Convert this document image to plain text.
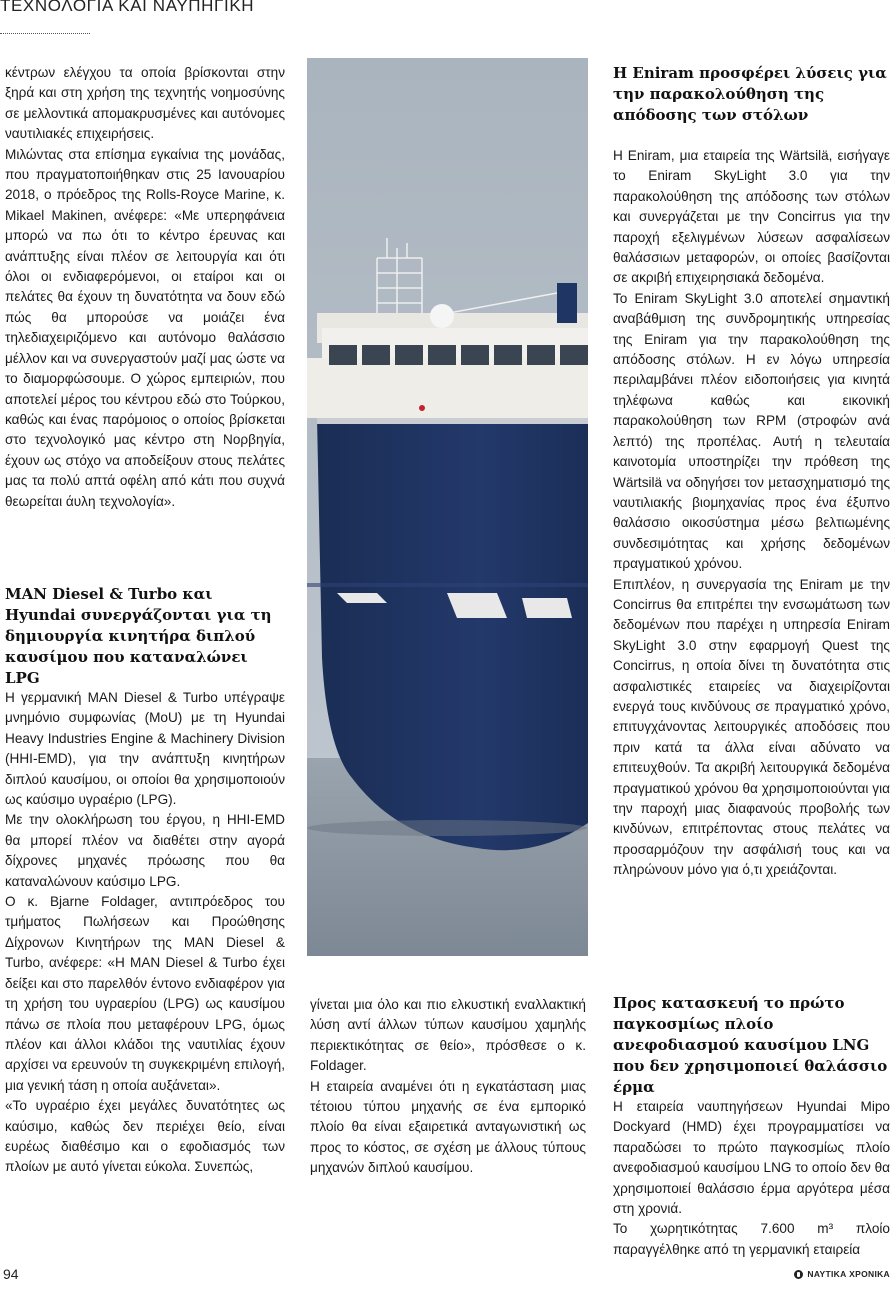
ΤΕΧΝΟΛΟΓΙΑ ΚΑΙ ΝΑΥΠΗΓΙΚΗ

κέντρων ελέγχου τα οποία βρίσκονται στην ξηρά και στη χρήση της τεχνητής νοημοσύνης σε μελλοντικά απομακρυσμένες και αυτόνομες ναυτιλιακές επιχειρήσεις.

Μιλώντας στα επίσημα εγκαίνια της μονάδας, που πραγματοποιήθηκαν στις 25 Ιανουαρίου 2018, ο πρόεδρος της Rolls-Royce Marine, κ. Mikael Makinen, ανέφερε: «Με υπερηφάνεια μπορώ να πω ότι το κέντρο έρευνας και ανάπτυξης είναι πλέον σε λειτουργία και ότι όλοι οι ενδιαφερόμενοι, οι εταίροι και οι πελάτες θα έχουν τη δυνατότητα να δουν εδώ πώς θα μπορούσε να μοιάζει ένα τηλεδιαχειριζόμενο και αυτόνομο θαλάσσιο μέλλον και να συνεργαστούν μαζί μας ώστε να το διαμορφώσουμε. Ο χώρος εμπειριών, που αποτελεί μέρος του κέντρου εδώ στο Τούρκου, καθώς και ένας παρόμοιος ο οποίος βρίσκεται στο τεχνολογικό μας κέντρο στη Νορβηγία, έχουν ως στόχο να αποδείξουν στους πελάτες μας τα πολύ απτά οφέλη από κάτι που συχνά θεωρείται άυλη τεχνολογία».

MAN Diesel & Turbo και Hyundai συνεργάζονται για τη δημιουργία κινητήρα διπλού καυσίμου που καταναλώνει LPG

Η γερμανική MAN Diesel & Turbo υπέγραψε μνημόνιο συμφωνίας (MoU) με τη Hyundai Heavy Industries Engine & Machinery Division (HHI-EMD), για την ανάπτυξη κινητήρων διπλού καυσίμου, οι οποίοι θα χρησιμοποιούν ως καύσιμο υγραέριο (LPG).

Με την ολοκλήρωση του έργου, η HHI-EMD θα μπορεί πλέον να διαθέτει στην αγορά δίχρονες μηχανές πρόωσης που θα καταναλώνουν καύσιμο LPG.

Ο κ. Bjarne Foldager, αντιπρόεδρος του τμήματος Πωλήσεων και Προώθησης Δίχρονων Κινητήρων της MAN Diesel & Turbo, ανέφερε: «Η MAN Diesel & Turbo έχει δείξει και στο παρελθόν έντονο ενδιαφέρον για τη χρήση του υγραερίου (LPG) ως καυσίμου πάνω σε πλοία που μεταφέρουν LPG, όμως πλέον και άλλοι κλάδοι της ναυτιλίας έχουν αρχίσει να ερευνούν τη συγκεκριμένη επιλογή, μια γενική τάση η οποία αυξάνεται».

«Το υγραέριο έχει μεγάλες δυνατότητες ως καύσιμο, καθώς δεν περιέχει θείο, είναι ευρέως διαθέσιμο και ο εφοδιασμός των πλοίων με αυτό γίνεται εύκολα. Συνεπώς,

γίνεται μια όλο και πιο ελκυστική εναλλακτική λύση αντί άλλων τύπων καυσίμου χαμηλής περιεκτικότητας σε θείο», πρόσθεσε ο κ. Foldager.

Η εταιρεία αναμένει ότι η εγκατάσταση μιας τέτοιου τύπου μηχανής σε ένα εμπορικό πλοίο θα είναι εξαιρετικά ανταγωνιστική ως προς το κόστος, σε σχέση με άλλους τύπους μηχανών διπλού καυσίμου.

Η Eniram προσφέρει λύσεις για την παρακολούθηση της απόδοσης των στόλων

Η Eniram, μια εταιρεία της Wärtsilä, εισήγαγε το Eniram SkyLight 3.0 για την παρακολούθηση της απόδοσης των στόλων και συνεργάζεται με την Concirrus για την παροχή εξελιγμένων λύσεων ασφαλίσεων θαλάσσιων μεταφορών, οι οποίες βασίζονται σε ακριβή επιχειρησιακά δεδομένα.

Το Eniram SkyLight 3.0 αποτελεί σημαντική αναβάθμιση της συνδρομητικής υπηρεσίας της Eniram για την παρακολούθηση της απόδοσης στόλων. Η εν λόγω υπηρεσία περιλαμβάνει πλέον ειδοποιήσεις για κινητά τηλέφωνα καθώς και εικονική παρακολούθηση των RPM (στροφών ανά λεπτό) της προπέλας. Αυτή η τελευταία καινοτομία υποστηρίζει την πρόθεση της Wärtsilä να οδηγήσει τον μετασχηματισμό της ναυτιλιακής βιομηχανίας προς ένα έξυπνο θαλάσσιο οικοσύστημα μέσω βελτιωμένης συνδεσιμότητας και χρήσης δεδομένων πραγματικού χρόνου.

Επιπλέον, η συνεργασία της Eniram με την Concirrus θα επιτρέπει την ενσωμάτωση των δεδομένων που παρέχει η υπηρεσία Eniram SkyLight 3.0 στην εφαρμογή Quest της Concirrus, η οποία δίνει τη δυνατότητα στις ασφαλιστικές εταιρείες να διαχειρίζονται ενεργά τους κινδύνους σε πραγματικό χρόνο, επιτυγχάνοντας λειτουργικές αποδόσεις που πριν κατά τα άλλα είναι αδύνατο να επιτευχθούν. Τα ακριβή λειτουργικά δεδομένα πραγματικού χρόνου θα χρησιμοποιούνται για την παροχή μιας διαφανούς προβολής των κινδύνων, επιτρέποντας στους πελάτες να προσαρμόζουν την ασφάλισή τους και να πληρώνουν μόνο για ό,τι χρειάζονται.

Προς κατασκευή το πρώτο παγκοσμίως πλοίο ανεφοδιασμού καυσίμου LNG που δεν χρησιμοποιεί θαλάσσιο έρμα

Η εταιρεία ναυπηγήσεων Hyundai Mipo Dockyard (HMD) έχει προγραμματίσει να παραδώσει το πρώτο παγκοσμίως πλοίο ανεφοδιασμού καυσίμου LNG το οποίο δεν θα χρησιμοποιεί θαλάσσιο έρμα αργότερα μέσα στη χρονιά.

Το χωρητικότητας 7.600 m³ πλοίο παραγγέλθηκε από τη γερμανική εταιρεία

94	ΝΑΥΤΙΚΑ ΧΡΟΝΙΚΑ
